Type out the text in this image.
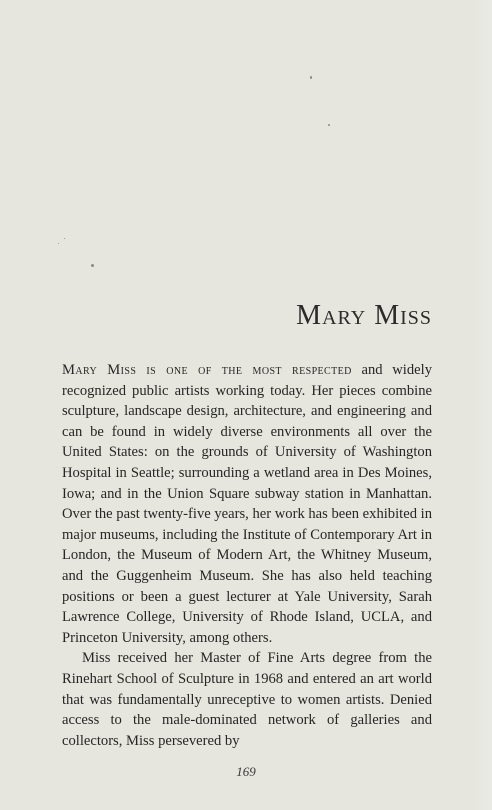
Mary Miss

Mary Miss is one of the most respected and widely recognized public artists working today. Her pieces combine sculpture, landscape design, architecture, and engineering and can be found in widely diverse environments all over the United States: on the grounds of University of Washington Hospital in Seattle; surrounding a wetland area in Des Moines, Iowa; and in the Union Square subway station in Manhattan. Over the past twenty-five years, her work has been exhibited in major museums, including the Institute of Contemporary Art in London, the Museum of Modern Art, the Whitney Museum, and the Guggenheim Museum. She has also held teaching positions or been a guest lecturer at Yale University, Sarah Lawrence College, University of Rhode Island, UCLA, and Princeton University, among others.

Miss received her Master of Fine Arts degree from the Rinehart School of Sculpture in 1968 and entered an art world that was fundamentally unreceptive to women artists. Denied access to the male-dominated network of galleries and collectors, Miss persevered by

169
